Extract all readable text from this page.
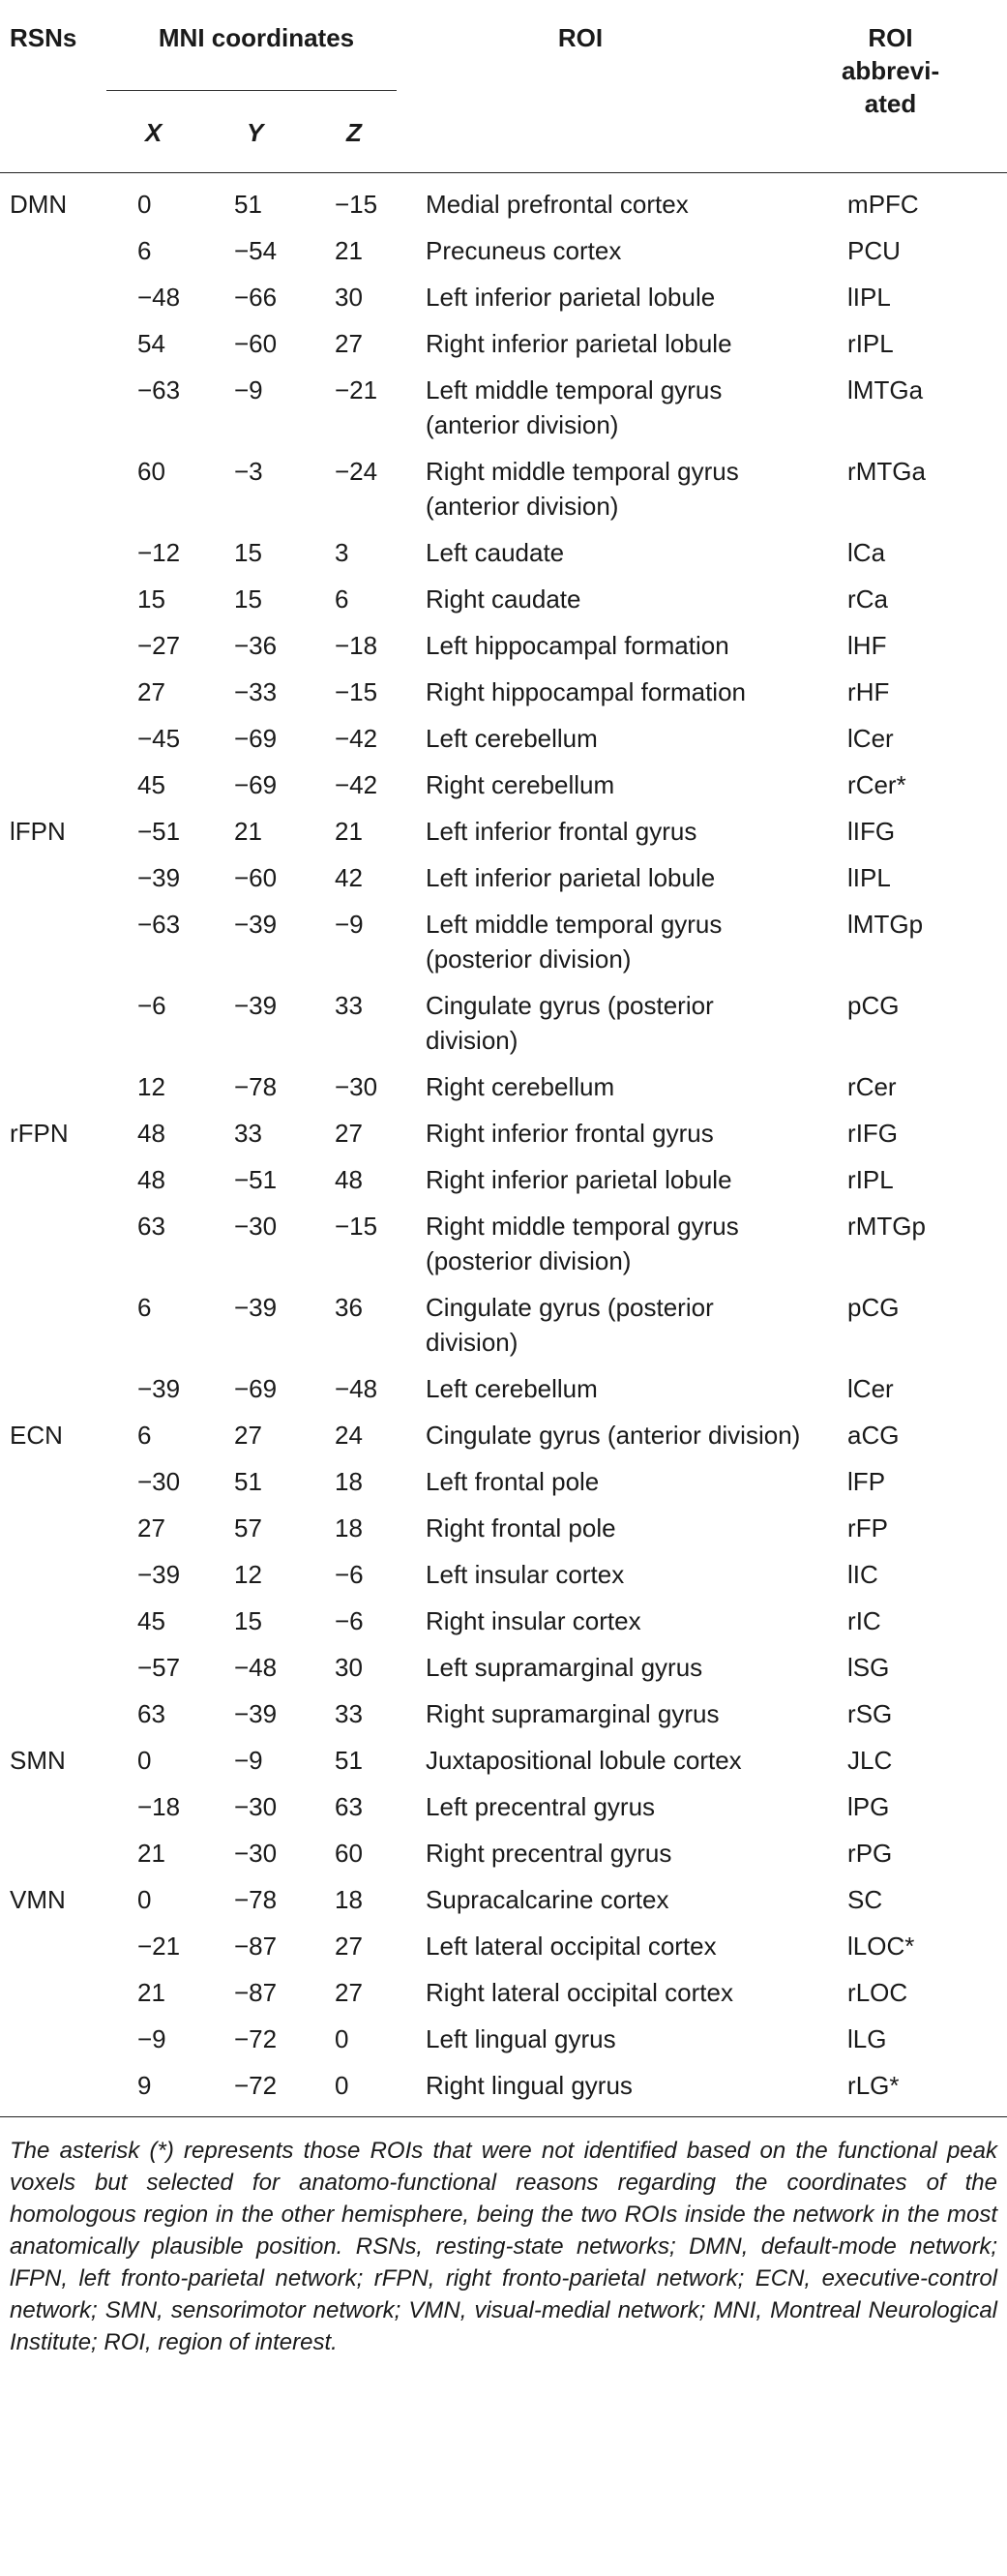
RSNs	MNI coordinates			ROI	ROI
abbrevi-
ated

	X	Y	Z		
DMN	0	51	−15	Medial prefrontal cortex	mPFC
	6	−54	21	Precuneus cortex	PCU
	−48	−66	30	Left inferior parietal lobule	lIPL
	54	−60	27	Right inferior parietal lobule	rIPL
	−63	−9	−21	Left middle temporal gyrus (anterior division)	lMTGa
	60	−3	−24	Right middle temporal gyrus (anterior division)	rMTGa
	−12	15	3	Left caudate	lCa
	15	15	6	Right caudate	rCa
	−27	−36	−18	Left hippocampal formation	lHF
	27	−33	−15	Right hippocampal formation	rHF
	−45	−69	−42	Left cerebellum	lCer
	45	−69	−42	Right cerebellum	rCer*
lFPN	−51	21	21	Left inferior frontal gyrus	lIFG
	−39	−60	42	Left inferior parietal lobule	lIPL
	−63	−39	−9	Left middle temporal gyrus (posterior division)	lMTGp
	−6	−39	33	Cingulate gyrus (posterior division)	pCG
	12	−78	−30	Right cerebellum	rCer
rFPN	48	33	27	Right inferior frontal gyrus	rIFG
	48	−51	48	Right inferior parietal lobule	rIPL
	63	−30	−15	Right middle temporal gyrus (posterior division)	rMTGp
	6	−39	36	Cingulate gyrus (posterior division)	pCG
	−39	−69	−48	Left cerebellum	lCer
ECN	6	27	24	Cingulate gyrus (anterior division)	aCG
	−30	51	18	Left frontal pole	lFP
	27	57	18	Right frontal pole	rFP
	−39	12	−6	Left insular cortex	lIC
	45	15	−6	Right insular cortex	rIC
	−57	−48	30	Left supramarginal gyrus	lSG
	63	−39	33	Right supramarginal gyrus	rSG
SMN	0	−9	51	Juxtapositional lobule cortex	JLC
	−18	−30	63	Left precentral gyrus	lPG
	21	−30	60	Right precentral gyrus	rPG
VMN	0	−78	18	Supracalcarine cortex	SC
	−21	−87	27	Left lateral occipital cortex	lLOC*
	21	−87	27	Right lateral occipital cortex	rLOC
	−9	−72	0	Left lingual gyrus	lLG
	9	−72	0	Right lingual gyrus	rLG*
The asterisk (*) represents those ROIs that were not identified based on the functional peak voxels but selected for anatomo-functional reasons regarding the coordinates of the homologous region in the other hemisphere, being the two ROIs inside the network in the most anatomically plausible position. RSNs, resting-state networks; DMN, default-mode network; lFPN, left fronto-parietal network; rFPN, right fronto-parietal network; ECN, executive-control network; SMN, sensorimotor network; VMN, visual-medial network; MNI, Montreal Neurological Institute; ROI, region of interest.
